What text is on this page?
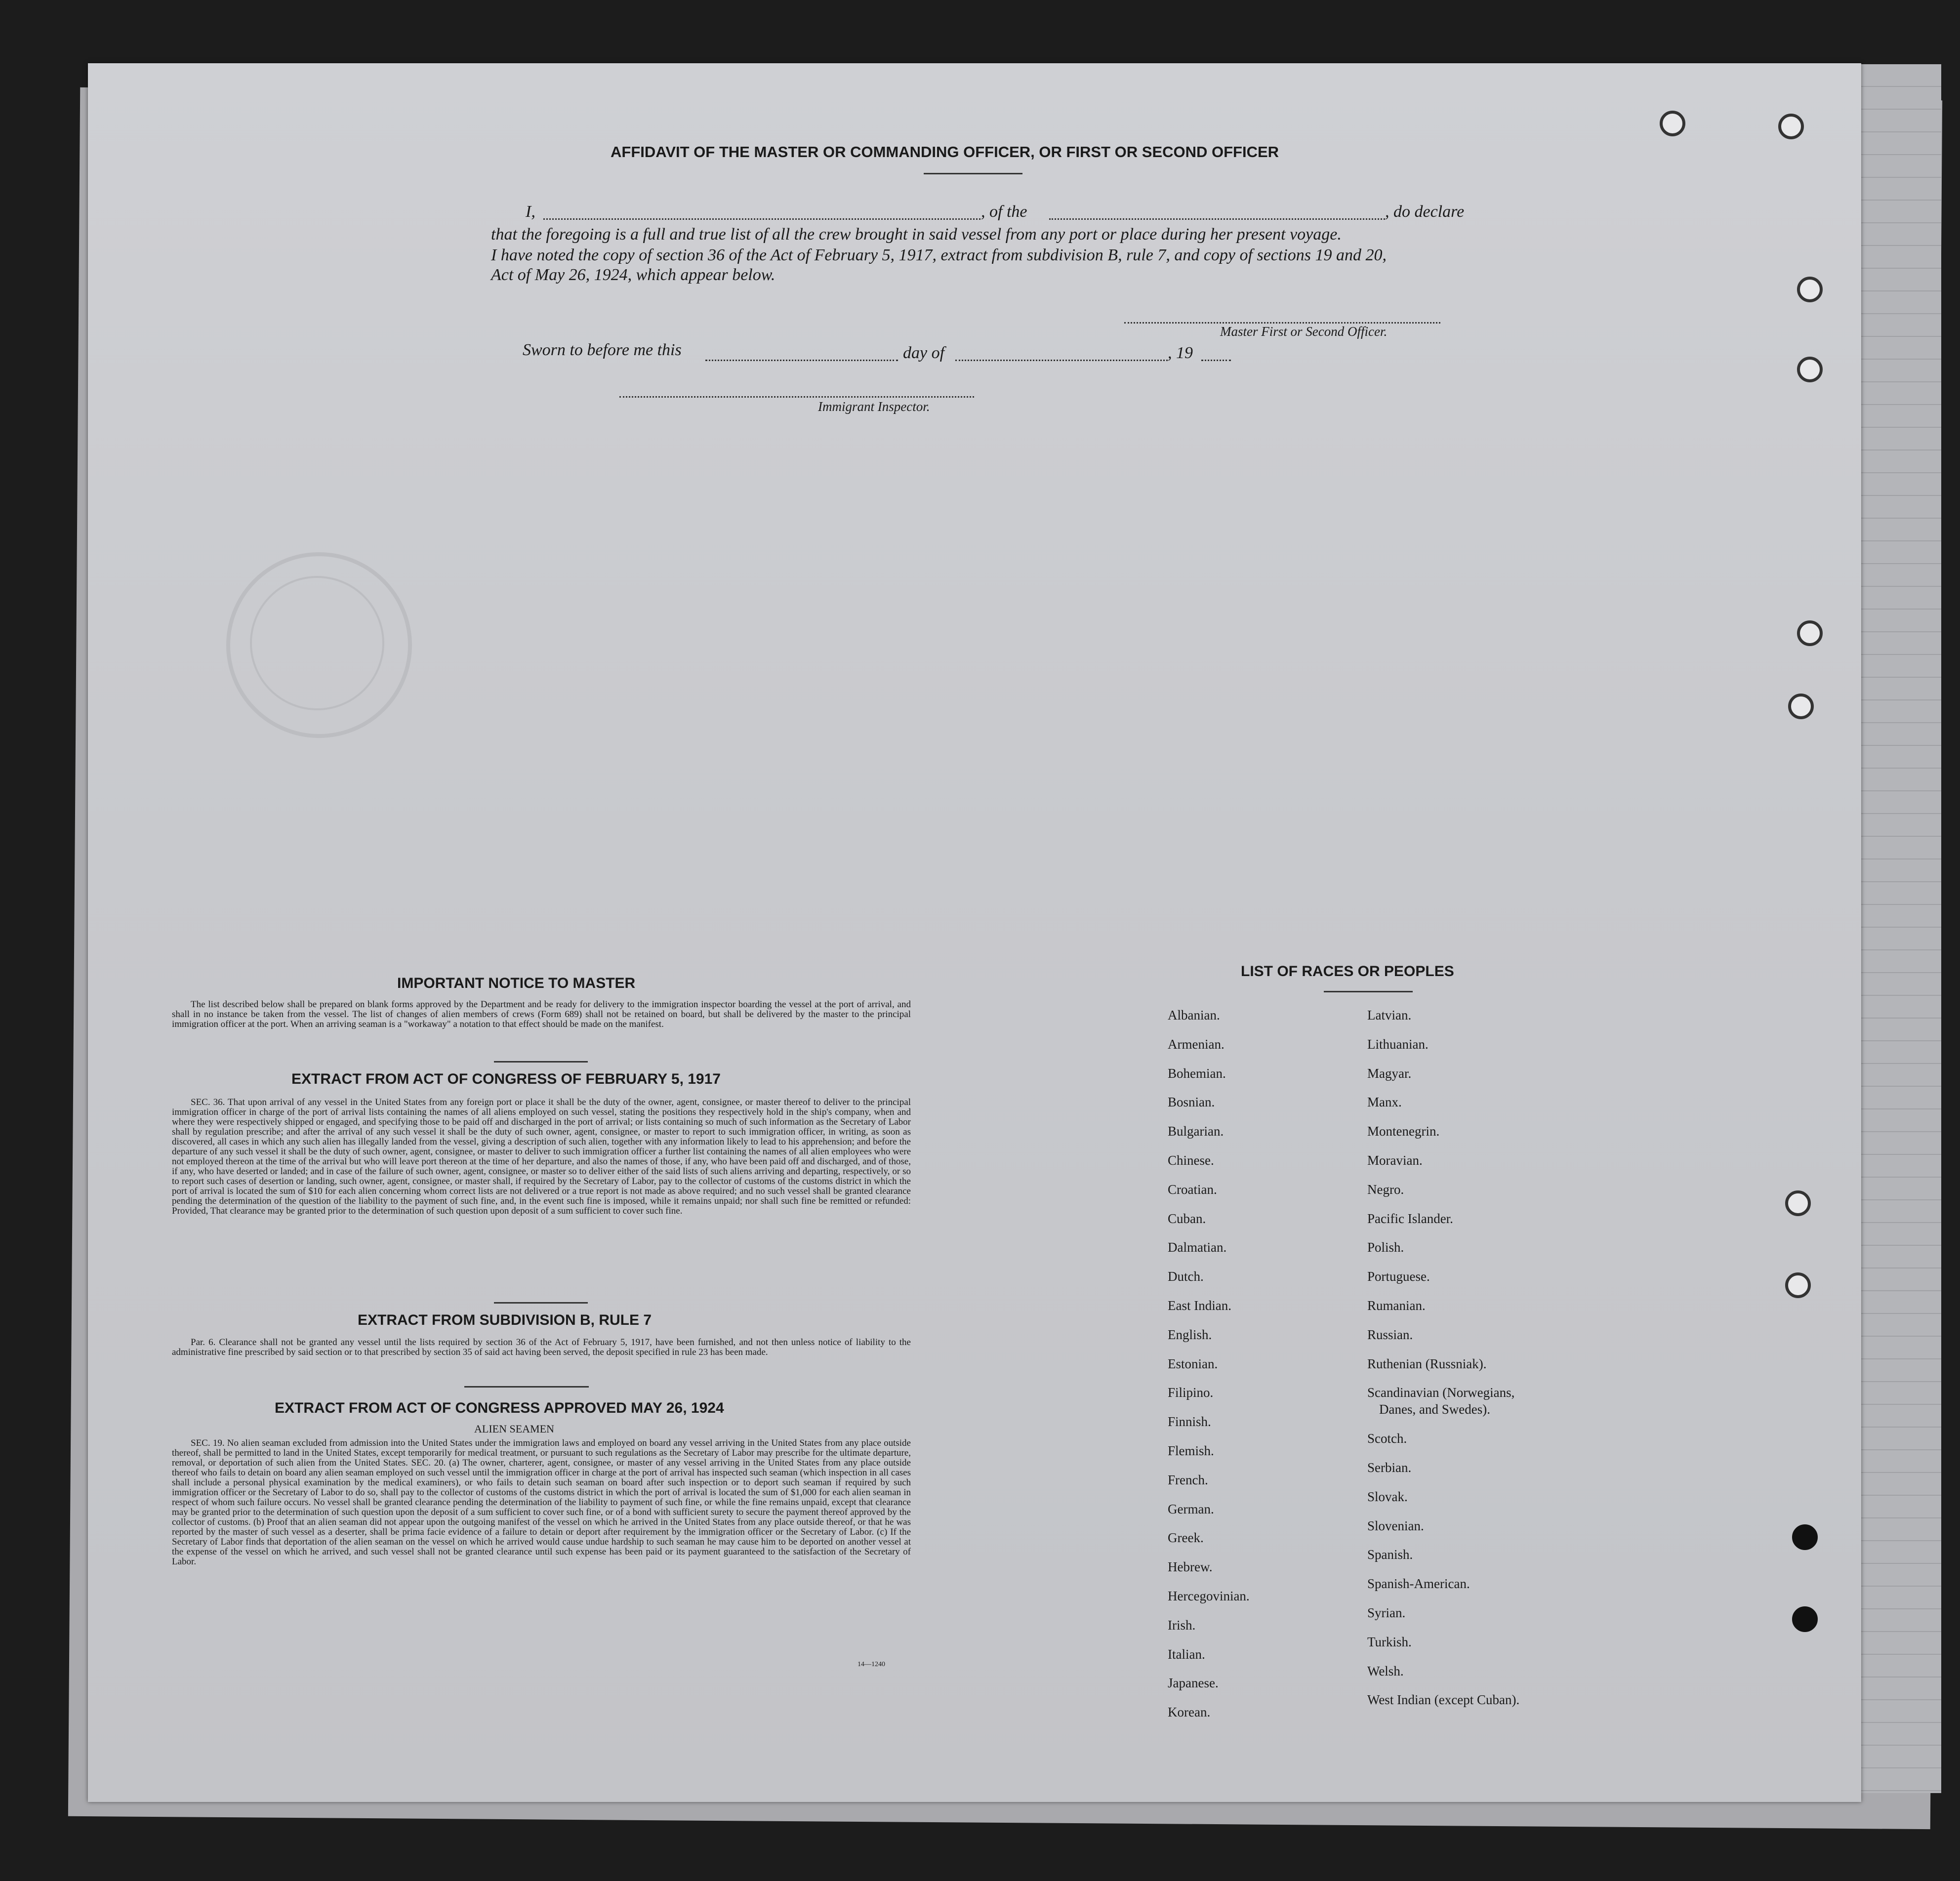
AFFIDAVIT OF THE MASTER OR COMMANDING OFFICER, OR FIRST OR SECOND OFFICER
I,	, of the	, do declare
that the foregoing is a full and true list of all the crew brought in said vessel from any port or place during her present voyage.
I have noted the copy of section 36 of the Act of February 5, 1917, extract from subdivision B, rule 7, and copy of sections 19 and 20,
Act of May 26, 1924, which appear below.
Master First or Second Officer.
Sworn to before me this	day of	, 19
Immigrant Inspector.
IMPORTANT NOTICE TO MASTER
The list described below shall be prepared on blank forms approved by the Department and be ready for delivery to the immigration inspector boarding the vessel at the port of arrival, and shall in no instance be taken from the vessel. The list of changes of alien members of crews (Form 689) shall not be retained on board, but shall be delivered by the master to the principal immigration officer at the port. When an arriving seaman is a "workaway" a notation to that effect should be made on the manifest.
EXTRACT FROM ACT OF CONGRESS OF FEBRUARY 5, 1917
SEC. 36. That upon arrival of any vessel in the United States from any foreign port or place it shall be the duty of the owner, agent, consignee, or master thereof to deliver to the principal immigration officer in charge of the port of arrival lists containing the names of all aliens employed on such vessel, stating the positions they respectively hold in the ship's company, when and where they were respectively shipped or engaged, and specifying those to be paid off and discharged in the port of arrival; or lists containing so much of such information as the Secretary of Labor shall by regulation prescribe; and after the arrival of any such vessel it shall be the duty of such owner, agent, consignee, or master to report to such immigration officer, in writing, as soon as discovered, all cases in which any such alien has illegally landed from the vessel, giving a description of such alien, together with any information likely to lead to his apprehension; and before the departure of any such vessel it shall be the duty of such owner, agent, consignee, or master to deliver to such immigration officer a further list containing the names of all alien employees who were not employed thereon at the time of the arrival but who will leave port thereon at the time of her departure, and also the names of those, if any, who have been paid off and discharged, and of those, if any, who have deserted or landed; and in case of the failure of such owner, agent, consignee, or master so to deliver either of the said lists of such aliens arriving and departing, respectively, or so to report such cases of desertion or landing, such owner, agent, consignee, or master shall, if required by the Secretary of Labor, pay to the collector of customs of the customs district in which the port of arrival is located the sum of $10 for each alien concerning whom correct lists are not delivered or a true report is not made as above required; and no such vessel shall be granted clearance pending the determination of the question of the liability to the payment of such fine, and, in the event such fine is imposed, while it remains unpaid; nor shall such fine be remitted or refunded: Provided, That clearance may be granted prior to the determination of such question upon deposit of a sum sufficient to cover such fine.
EXTRACT FROM SUBDIVISION B, RULE 7
Par. 6. Clearance shall not be granted any vessel until the lists required by section 36 of the Act of February 5, 1917, have been furnished, and not then unless notice of liability to the administrative fine prescribed by said section or to that prescribed by section 35 of said act having been served, the deposit specified in rule 23 has been made.
EXTRACT FROM ACT OF CONGRESS APPROVED MAY 26, 1924
ALIEN SEAMEN
SEC. 19. No alien seaman excluded from admission into the United States under the immigration laws and employed on board any vessel arriving in the United States from any place outside thereof, shall be permitted to land in the United States, except temporarily for medical treatment, or pursuant to such regulations as the Secretary of Labor may prescribe for the ultimate departure, removal, or deportation of such alien from the United States. SEC. 20. (a) The owner, charterer, agent, consignee, or master of any vessel arriving in the United States from any place outside thereof who fails to detain on board any alien seaman employed on such vessel until the immigration officer in charge at the port of arrival has inspected such seaman (which inspection in all cases shall include a personal physical examination by the medical examiners), or who fails to detain such seaman on board after such inspection or to deport such seaman if required by such immigration officer or the Secretary of Labor to do so, shall pay to the collector of customs of the customs district in which the port of arrival is located the sum of $1,000 for each alien seaman in respect of whom such failure occurs. No vessel shall be granted clearance pending the determination of the liability to payment of such fine, or while the fine remains unpaid, except that clearance may be granted prior to the determination of such question upon the deposit of a sum sufficient to cover such fine, or of a bond with sufficient surety to secure the payment thereof approved by the collector of customs. (b) Proof that an alien seaman did not appear upon the outgoing manifest of the vessel on which he arrived in the United States from any place outside thereof, or that he was reported by the master of such vessel as a deserter, shall be prima facie evidence of a failure to detain or deport after requirement by the immigration officer or the Secretary of Labor. (c) If the Secretary of Labor finds that deportation of the alien seaman on the vessel on which he arrived would cause undue hardship to such seaman he may cause him to be deported on another vessel at the expense of the vessel on which he arrived, and such vessel shall not be granted clearance until such expense has been paid or its payment guaranteed to the satisfaction of the Secretary of Labor.
14—1240
LIST OF RACES OR PEOPLES
Albanian.
Armenian.
Bohemian.
Bosnian.
Bulgarian.
Chinese.
Croatian.
Cuban.
Dalmatian.
Dutch.
East Indian.
English.
Estonian.
Filipino.
Finnish.
Flemish.
French.
German.
Greek.
Hebrew.
Hercegovinian.
Irish.
Italian.
Japanese.
Korean.
Latvian.
Lithuanian.
Magyar.
Manx.
Montenegrin.
Moravian.
Negro.
Pacific Islander.
Polish.
Portuguese.
Rumanian.
Russian.
Ruthenian (Russniak).
Scandinavian (Norwegians,
Danes, and Swedes).
Scotch.
Serbian.
Slovak.
Slovenian.
Spanish.
Spanish-American.
Syrian.
Turkish.
Welsh.
West Indian (except Cuban).
